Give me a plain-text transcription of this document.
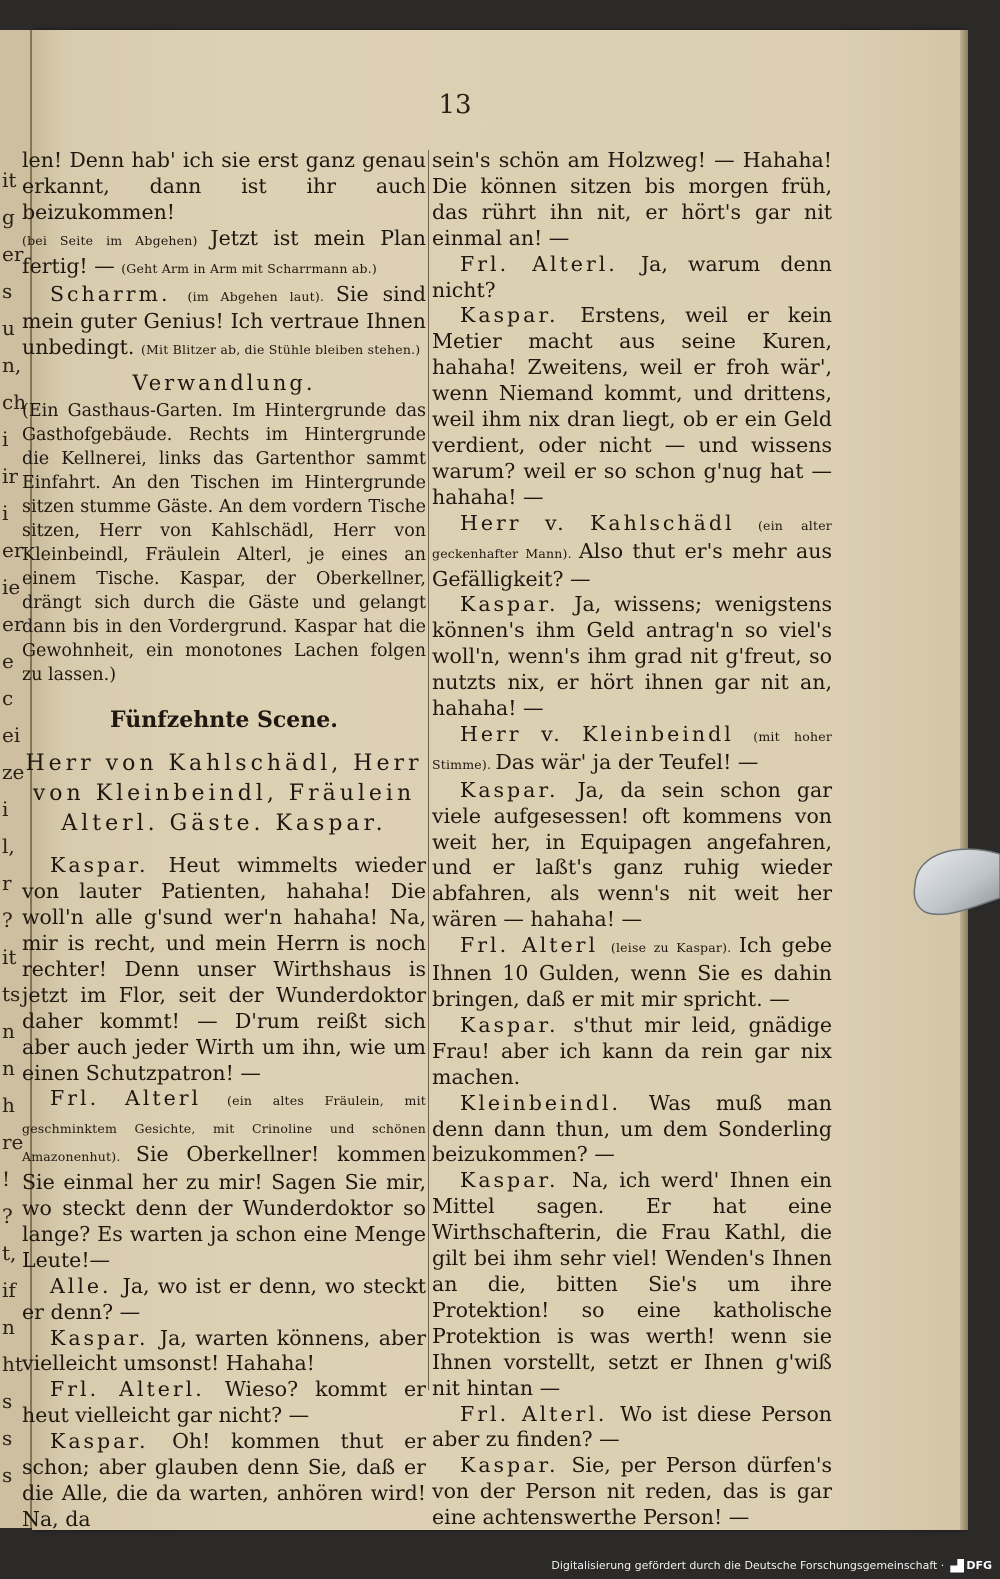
it
g
er
s
u
n,
ch
i
ir
i
er
ie
er
e
c
ei
ze
i
l,
r
?
it
ts
n
n
h
re
!
?
t,
if
n
ht
s
s
s
13

len! Denn hab' ich sie erst ganz genau erkannt, dann ist ihr auch beizukommen!

(bei Seite im Abgehen) Jetzt ist mein Plan fertig! — (Geht Arm in Arm mit Scharrmann ab.)

Scharrm. (im Abgehen laut). Sie sind mein guter Genius! Ich vertraue Ihnen unbedingt. (Mit Blitzer ab, die Stühle bleiben stehen.)

Verwandlung.

(Ein Gasthaus-Garten. Im Hintergrunde das Gasthofgebäude. Rechts im Hintergrunde die Kellnerei, links das Gartenthor sammt Einfahrt. An den Tischen im Hintergrunde sitzen stumme Gäste. An dem vordern Tische sitzen, Herr von Kahlschädl, Herr von Kleinbeindl, Fräulein Alterl, je eines an einem Tische. Kaspar, der Oberkellner, drängt sich durch die Gäste und gelangt dann bis in den Vordergrund. Kaspar hat die Gewohnheit, ein monotones Lachen folgen zu lassen.)

Fünfzehnte Scene.

Herr von Kahlschädl, Herr von Kleinbeindl, Fräulein Alterl. Gäste. Kaspar.

Kaspar. Heut wimmelts wieder von lauter Patienten, hahaha! Die woll'n alle g'sund wer'n hahaha! Na, mir is recht, und mein Herrn is noch rechter! Denn unser Wirthshaus is jetzt im Flor, seit der Wunderdoktor daher kommt! — D'rum reißt sich aber auch jeder Wirth um ihn, wie um einen Schutzpatron! —

Frl. Alterl (ein altes Fräulein, mit geschminktem Gesichte, mit Crinoline und schönen Amazonenhut). Sie Oberkellner! kommen Sie einmal her zu mir! Sagen Sie mir, wo steckt denn der Wunderdoktor so lange? Es warten ja schon eine Menge Leute!—

Alle. Ja, wo ist er denn, wo steckt er denn? —

Kaspar. Ja, warten könnens, aber vielleicht umsonst! Hahaha!

Frl. Alterl. Wieso? kommt er heut vielleicht gar nicht? —

Kaspar. Oh! kommen thut er schon; aber glauben denn Sie, daß er die Alle, die da warten, anhören wird! Na, da

sein's schön am Holzweg! — Hahaha! Die können sitzen bis morgen früh, das rührt ihn nit, er hört's gar nit einmal an! —

Frl. Alterl. Ja, warum denn nicht?

Kaspar. Erstens, weil er kein Metier macht aus seine Kuren, hahaha! Zweitens, weil er froh wär', wenn Niemand kommt, und drittens, weil ihm nix dran liegt, ob er ein Geld verdient, oder nicht — und wissens warum? weil er so schon g'nug hat — hahaha! —

Herr v. Kahlschädl (ein alter geckenhafter Mann). Also thut er's mehr aus Gefälligkeit? —

Kaspar. Ja, wissens; wenigstens können's ihm Geld antrag'n so viel's woll'n, wenn's ihm grad nit g'freut, so nutzts nix, er hört ihnen gar nit an, hahaha! —

Herr v. Kleinbeindl (mit hoher Stimme). Das wär' ja der Teufel! —

Kaspar. Ja, da sein schon gar viele aufgesessen! oft kommens von weit her, in Equipagen angefahren, und er laßt's ganz ruhig wieder abfahren, als wenn's nit weit her wären — hahaha! —

Frl. Alterl (leise zu Kaspar). Ich gebe Ihnen 10 Gulden, wenn Sie es dahin bringen, daß er mit mir spricht. —

Kaspar. s'thut mir leid, gnädige Frau! aber ich kann da rein gar nix machen.

Kleinbeindl. Was muß man denn dann thun, um dem Sonderling beizukommen? —

Kaspar. Na, ich werd' Ihnen ein Mittel sagen. Er hat eine Wirthschafterin, die Frau Kathl, die gilt bei ihm sehr viel! Wenden's Ihnen an die, bitten Sie's um ihre Protektion! so eine katholische Protektion is was werth! wenn sie Ihnen vorstellt, setzt er Ihnen g'wiß nit hintan —

Frl. Alterl. Wo ist diese Person aber zu finden? —

Kaspar. Sie, per Person dürfen's von der Person nit reden, das is gar eine achtenswerthe Person! —

Digitalisierung gefördert durch die Deutsche Forschungsgemeinschaft · DFG
